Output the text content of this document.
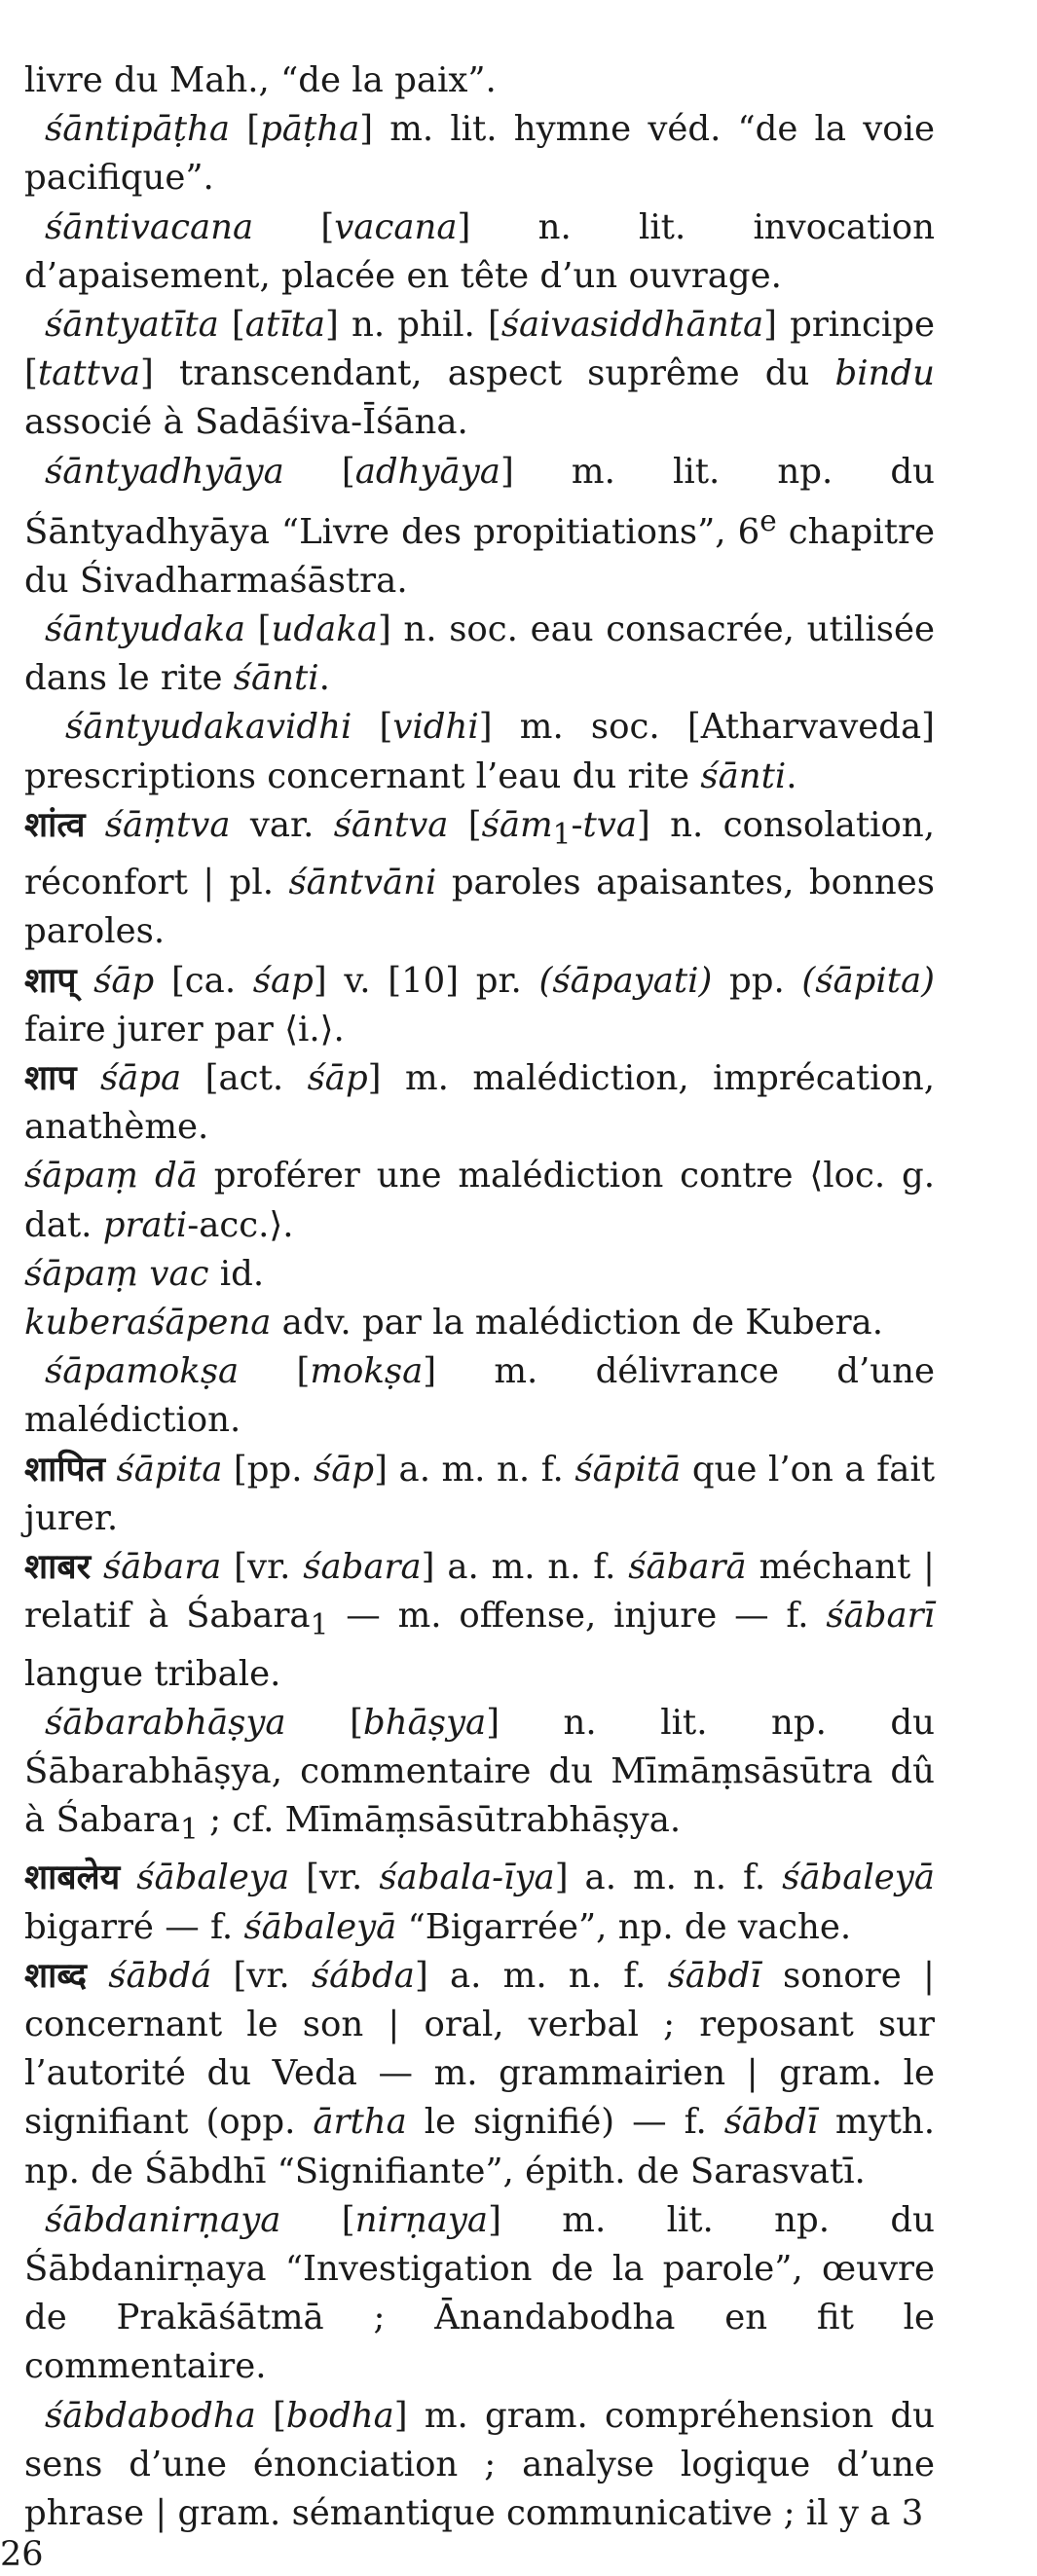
livre du Mah., “de la paix”.

śāntipāṭha [pāṭha] m. lit. hymne véd. “de la voie pacifique”.

śāntivacana [vacana] n. lit. invocation d’apaisement, placée en tête d’un ouvrage.

śāntyatīta [atīta] n. phil. [śaivasiddhānta] principe [tattva] transcendant, aspect suprême du bindu associé à Sadāśiva-Īśāna.

śāntyadhyāya [adhyāya] m. lit. np. du Śāntyadhyāya “Livre des propitiations”, 6e chapitre du Śivadharmaśāstra.

śāntyudaka [udaka] n. soc. eau consacrée, utilisée dans le rite śānti.

śāntyudakavidhi [vidhi] m. soc. [Atharvaveda] prescriptions concernant l’eau du rite śānti.

शांत्व śāṃtva var. śāntva [śām$_1$-tva] n. consolation, réconfort | pl. śāntvāni paroles apaisantes, bonnes paroles.

शाप् śāp [ca. śap] v. [10] pr. (śāpayati) pp. (śāpita) faire jurer par ⟨i.⟩.

शाप śāpa [act. śāp] m. malédiction, imprécation, anathème.

śāpaṃ dā proférer une malédiction contre ⟨loc. g. dat. prati-acc.⟩.

śāpaṃ vac id.

kuberaśāpena adv. par la malédiction de Kubera.

śāpamokṣa [mokṣa] m. délivrance d’une malédiction.

शापित śāpita [pp. śāp] a. m. n. f. śāpitā que l’on a fait jurer.

शाबर śābara [vr. śabara] a. m. n. f. śābarā méchant | relatif à Śabara$_1$ — m. offense, injure — f. śābarī langue tribale.

śābarabhāṣya [bhāṣya] n. lit. np. du Śābarabhāṣya, commentaire du Mīmāṃsāsūtra dû à Śabara$_1$ ; cf. Mīmāṃsāsūtrabhāṣya.

शाबलेय śābaleya [vr. śabala-īya] a. m. n. f. śābaleyā bigarré — f. śābaleyā “Bigarrée”, np. de vache.

शाब्द śābdá [vr. śábda] a. m. n. f. śābdī sonore | concernant le son | oral, verbal ; reposant sur l’autorité du Veda — m. grammairien | gram. le signifiant (opp. ārtha le signifié) — f. śābdī myth. np. de Śābdhī “Signifiante”, épith. de Sarasvatī.

śābdanirṇaya [nirṇaya] m. lit. np. du Śābdanirṇaya “Investigation de la parole”, œuvre de Prakāśātmā ; Ānandabodha en fit le commentaire.

śābdabodha [bodha] m. gram. compréhension du sens d’une énonciation ; analyse logique d’une phrase | gram. sémantique communicative ; il y a 3

26
